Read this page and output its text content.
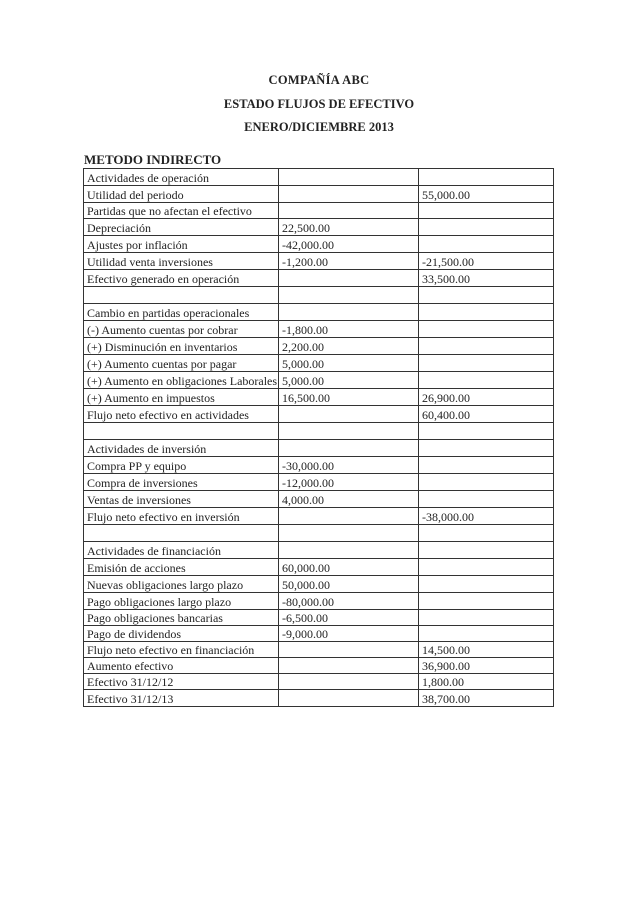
COMPAÑÍA ABC
ESTADO FLUJOS DE EFECTIVO
ENERO/DICIEMBRE 2013
METODO INDIRECTO
Actividades de operación		
Utilidad del periodo		55,000.00
Partidas que no afectan el efectivo		
Depreciación	22,500.00	
Ajustes por inflación	-42,000.00	
Utilidad venta inversiones	-1,200.00	-21,500.00
Efectivo generado en operación		33,500.00

Cambio en partidas operacionales		
(-) Aumento cuentas por cobrar	-1,800.00	
(+) Disminución en inventarios	2,200.00	
(+) Aumento cuentas por pagar	5,000.00	
(+) Aumento en obligaciones Laborales	5,000.00	
(+) Aumento en impuestos	16,500.00	26,900.00
Flujo neto efectivo en actividades		60,400.00

Actividades de inversión		
Compra PP y equipo	-30,000.00	
Compra de inversiones	-12,000.00	
Ventas de inversiones	4,000.00	
Flujo neto efectivo en inversión		-38,000.00

Actividades de financiación		
Emisión de acciones	60,000.00	
Nuevas obligaciones largo plazo	50,000.00	
Pago obligaciones largo plazo	-80,000.00	
Pago obligaciones bancarias	-6,500.00	
Pago de dividendos	-9,000.00	
Flujo neto efectivo en financiación		14,500.00
Aumento efectivo		36,900.00
Efectivo 31/12/12		1,800.00
Efectivo 31/12/13		38,700.00
